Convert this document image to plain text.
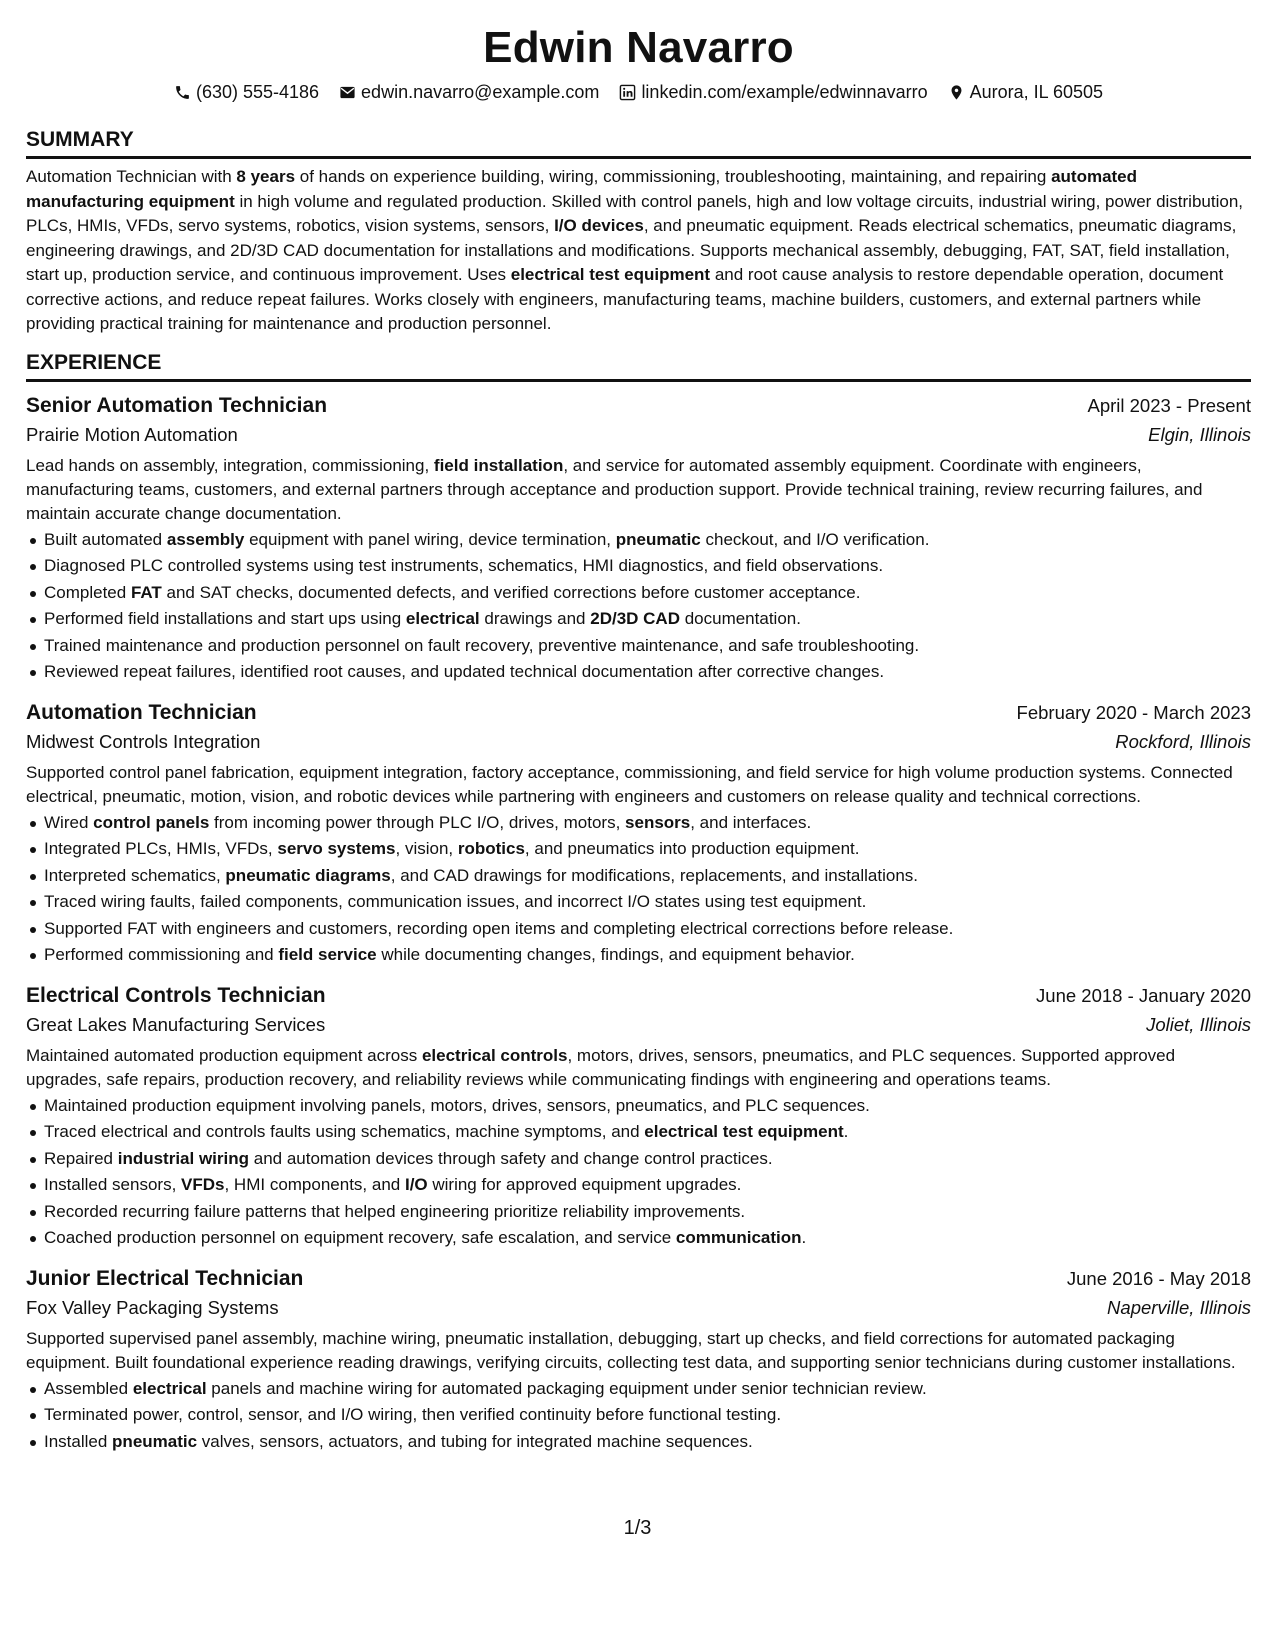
Edwin Navarro
(630) 555-4186 edwin.navarro@example.com linkedin.com/example/edwinnavarro Aurora, IL 60505
SUMMARY

Automation Technician with 8 years of hands on experience building, wiring, commissioning, troubleshooting, maintaining, and repairing automated manufacturing equipment in high volume and regulated production. Skilled with control panels, high and low voltage circuits, industrial wiring, power distribution, PLCs, HMIs, VFDs, servo systems, robotics, vision systems, sensors, I/O devices, and pneumatic equipment. Reads electrical schematics, pneumatic diagrams, engineering drawings, and 2D/3D CAD documentation for installations and modifications. Supports mechanical assembly, debugging, FAT, SAT, field installation, start up, production service, and continuous improvement. Uses electrical test equipment and root cause analysis to restore dependable operation, document corrective actions, and reduce repeat failures. Works closely with engineers, manufacturing teams, machine builders, customers, and external partners while providing practical training for maintenance and production personnel.

EXPERIENCE
Senior Automation Technician	April 2023 - Present
Prairie Motion Automation	Elgin, Illinois

Lead hands on assembly, integration, commissioning, field installation, and service for automated assembly equipment. Coordinate with engineers, manufacturing teams, customers, and external partners through acceptance and production support. Provide technical training, review recurring failures, and maintain accurate change documentation.

Built automated assembly equipment with panel wiring, device termination, pneumatic checkout, and I/O verification.
Diagnosed PLC controlled systems using test instruments, schematics, HMI diagnostics, and field observations.
Completed FAT and SAT checks, documented defects, and verified corrections before customer acceptance.
Performed field installations and start ups using electrical drawings and 2D/3D CAD documentation.
Trained maintenance and production personnel on fault recovery, preventive maintenance, and safe troubleshooting.
Reviewed repeat failures, identified root causes, and updated technical documentation after corrective changes.
Automation Technician	February 2020 - March 2023
Midwest Controls Integration	Rockford, Illinois

Supported control panel fabrication, equipment integration, factory acceptance, commissioning, and field service for high volume production systems. Connected electrical, pneumatic, motion, vision, and robotic devices while partnering with engineers and customers on release quality and technical corrections.

Wired control panels from incoming power through PLC I/O, drives, motors, sensors, and interfaces.
Integrated PLCs, HMIs, VFDs, servo systems, vision, robotics, and pneumatics into production equipment.
Interpreted schematics, pneumatic diagrams, and CAD drawings for modifications, replacements, and installations.
Traced wiring faults, failed components, communication issues, and incorrect I/O states using test equipment.
Supported FAT with engineers and customers, recording open items and completing electrical corrections before release.
Performed commissioning and field service while documenting changes, findings, and equipment behavior.
Electrical Controls Technician	June 2018 - January 2020
Great Lakes Manufacturing Services	Joliet, Illinois

Maintained automated production equipment across electrical controls, motors, drives, sensors, pneumatics, and PLC sequences. Supported approved upgrades, safe repairs, production recovery, and reliability reviews while communicating findings with engineering and operations teams.

Maintained production equipment involving panels, motors, drives, sensors, pneumatics, and PLC sequences.
Traced electrical and controls faults using schematics, machine symptoms, and electrical test equipment.
Repaired industrial wiring and automation devices through safety and change control practices.
Installed sensors, VFDs, HMI components, and I/O wiring for approved equipment upgrades.
Recorded recurring failure patterns that helped engineering prioritize reliability improvements.
Coached production personnel on equipment recovery, safe escalation, and service communication.
Junior Electrical Technician	June 2016 - May 2018
Fox Valley Packaging Systems	Naperville, Illinois

Supported supervised panel assembly, machine wiring, pneumatic installation, debugging, start up checks, and field corrections for automated packaging equipment. Built foundational experience reading drawings, verifying circuits, collecting test data, and supporting senior technicians during customer installations.

Assembled electrical panels and machine wiring for automated packaging equipment under senior technician review.
Terminated power, control, sensor, and I/O wiring, then verified continuity before functional testing.
Installed pneumatic valves, sensors, actuators, and tubing for integrated machine sequences.
1/3
